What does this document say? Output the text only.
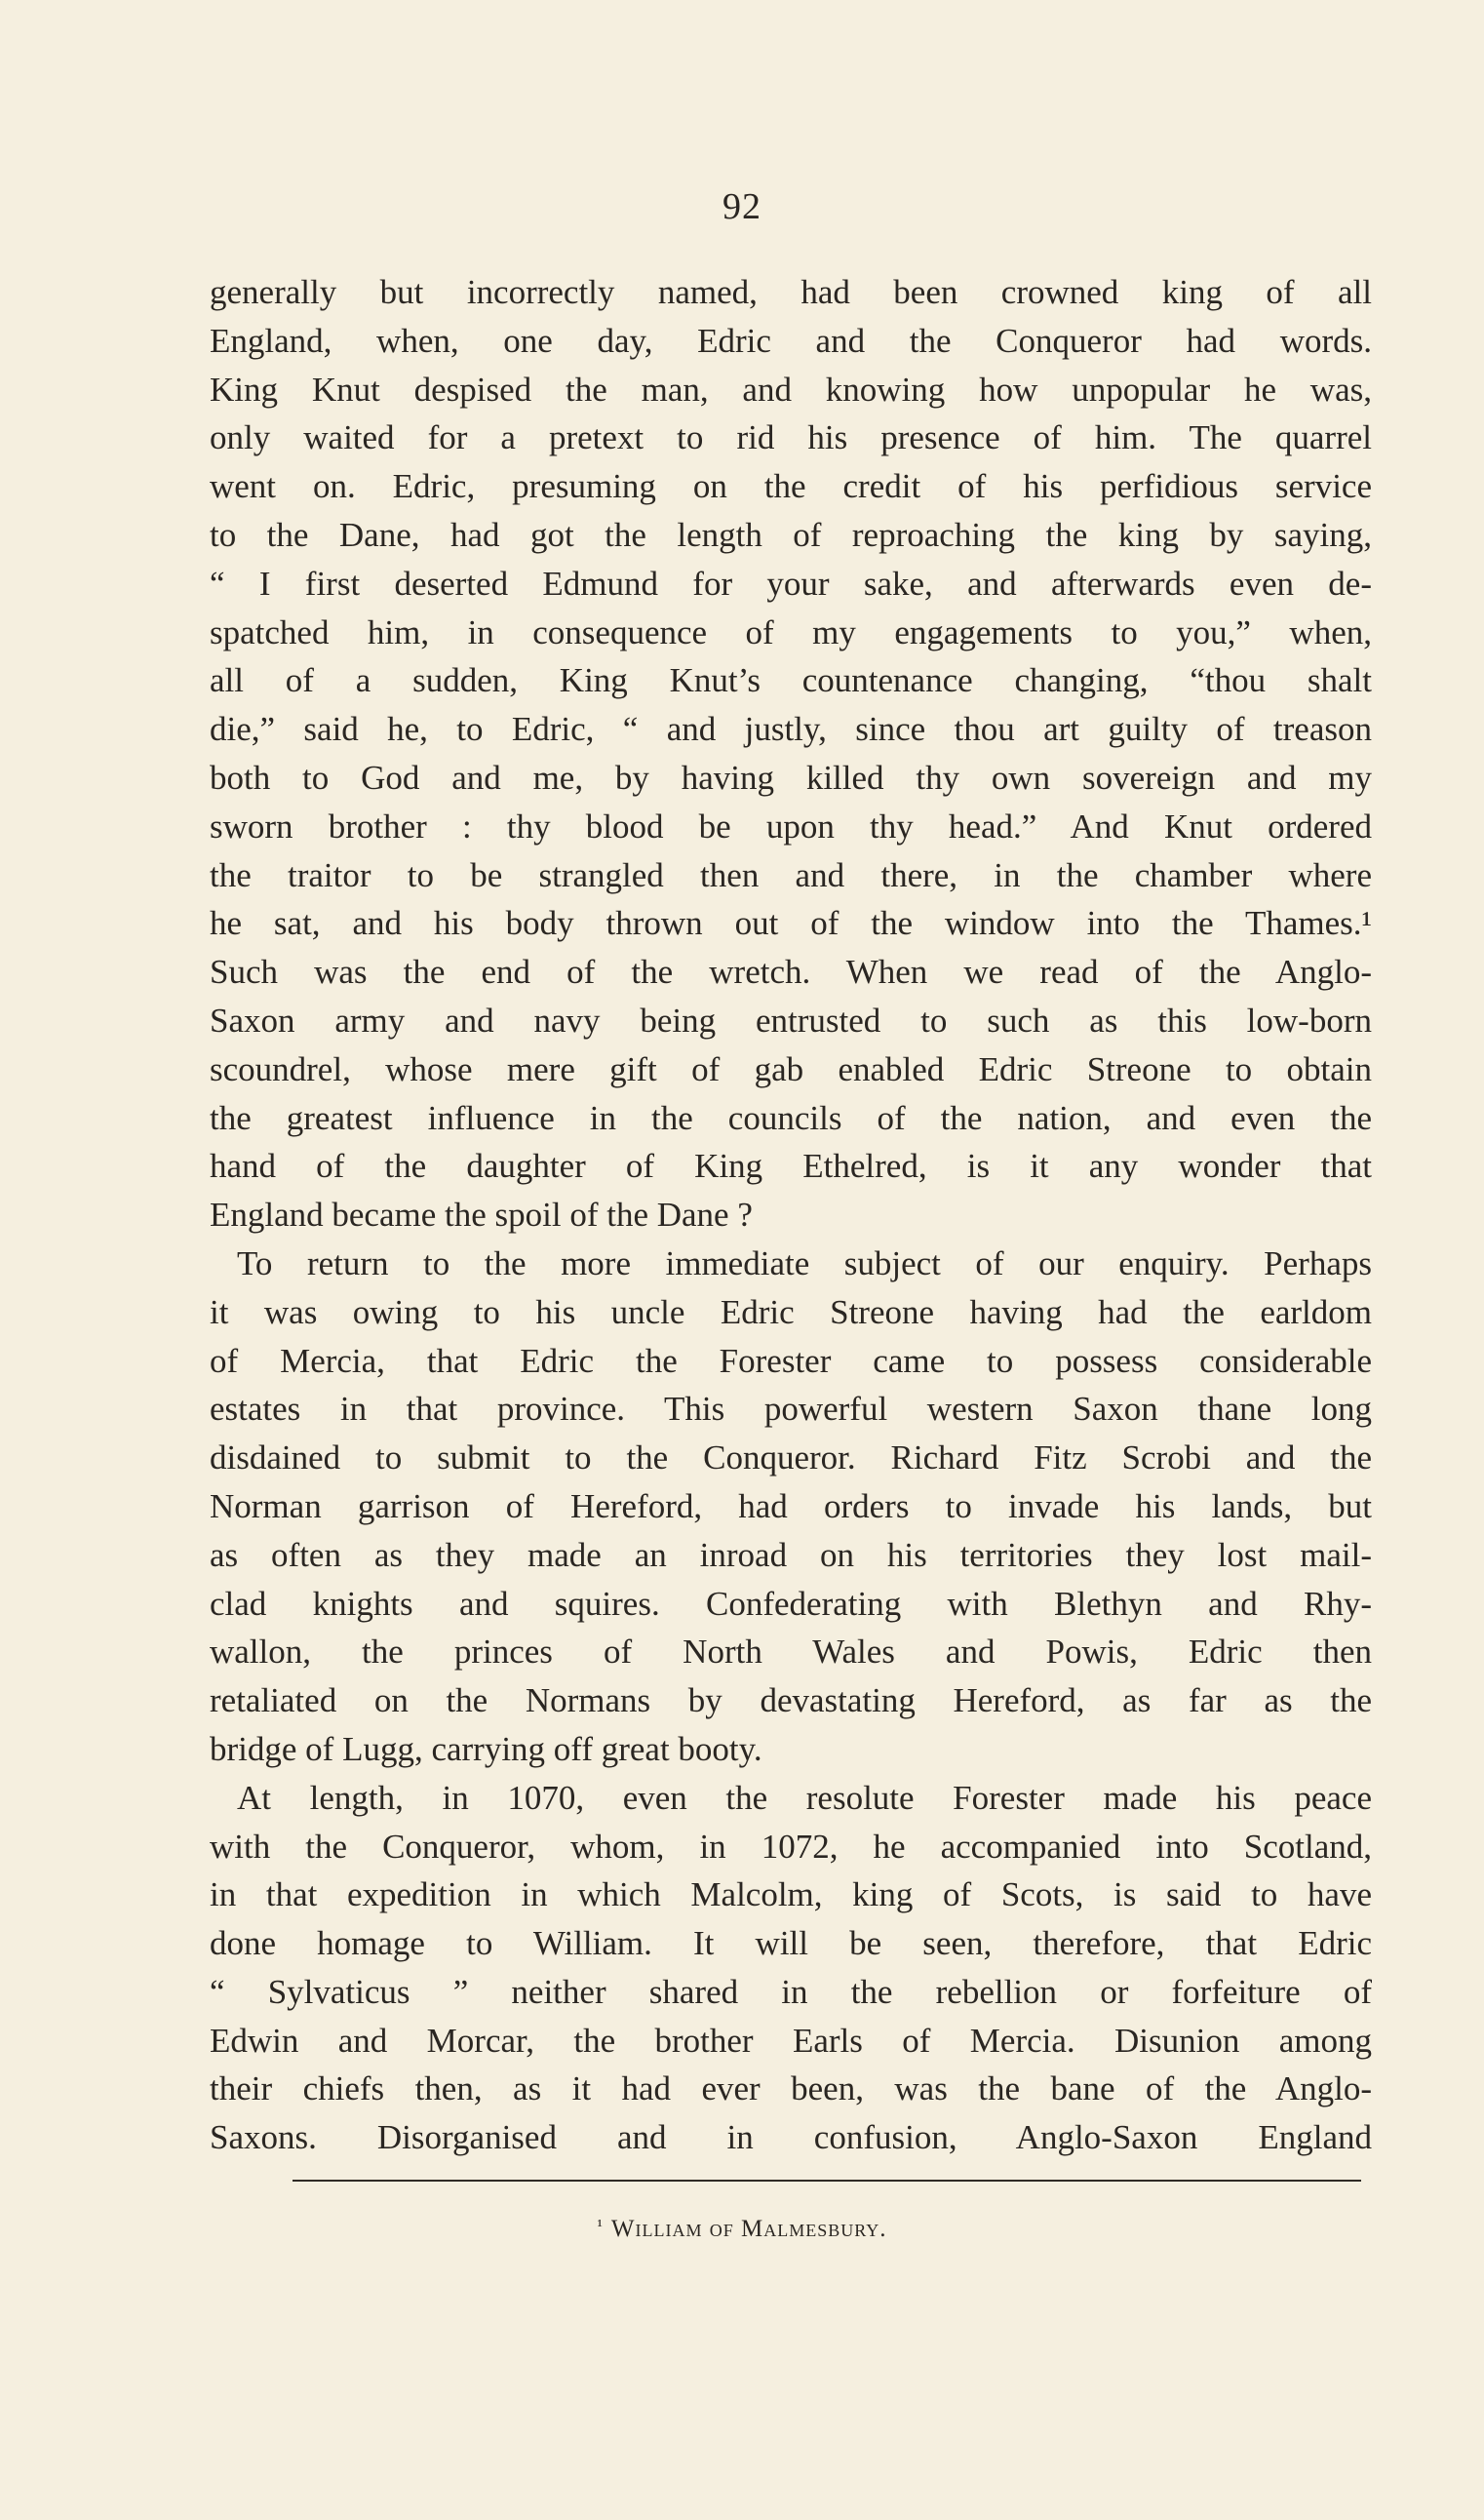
92
generally but incorrectly named, had been crowned king of all
England, when, one day, Edric and the Conqueror had words.
King Knut despised the man, and knowing how unpopular he was,
only waited for a pretext to rid his presence of him. The quarrel
went on. Edric, presuming on the credit of his perfidious service
to the Dane, had got the length of reproaching the king by saying,
“ I first deserted Edmund for your sake, and afterwards even de-
spatched him, in consequence of my engagements to you,” when,
all of a sudden, King Knut’s countenance changing, “thou shalt
die,” said he, to Edric, “ and justly, since thou art guilty of treason
both to God and me, by having killed thy own sovereign and my
sworn brother : thy blood be upon thy head.” And Knut ordered
the traitor to be strangled then and there, in the chamber where
he sat, and his body thrown out of the window into the Thames.¹
Such was the end of the wretch. When we read of the Anglo-
Saxon army and navy being entrusted to such as this low-born
scoundrel, whose mere gift of gab enabled Edric Streone to obtain
the greatest influence in the councils of the nation, and even the
hand of the daughter of King Ethelred, is it any wonder that
England became the spoil of the Dane ?
To return to the more immediate subject of our enquiry. Perhaps
it was owing to his uncle Edric Streone having had the earldom
of Mercia, that Edric the Forester came to possess considerable
estates in that province. This powerful western Saxon thane long
disdained to submit to the Conqueror. Richard Fitz Scrobi and the
Norman garrison of Hereford, had orders to invade his lands, but
as often as they made an inroad on his territories they lost mail-
clad knights and squires. Confederating with Blethyn and Rhy-
wallon, the princes of North Wales and Powis, Edric then
retaliated on the Normans by devastating Hereford, as far as the
bridge of Lugg, carrying off great booty.
At length, in 1070, even the resolute Forester made his peace
with the Conqueror, whom, in 1072, he accompanied into Scotland,
in that expedition in which Malcolm, king of Scots, is said to have
done homage to William. It will be seen, therefore, that Edric
“ Sylvaticus ” neither shared in the rebellion or forfeiture of
Edwin and Morcar, the brother Earls of Mercia. Disunion among
their chiefs then, as it had ever been, was the bane of the Anglo-
Saxons. Disorganised and in confusion, Anglo-Saxon England
$^{^1}$ William of Malmesbury.
